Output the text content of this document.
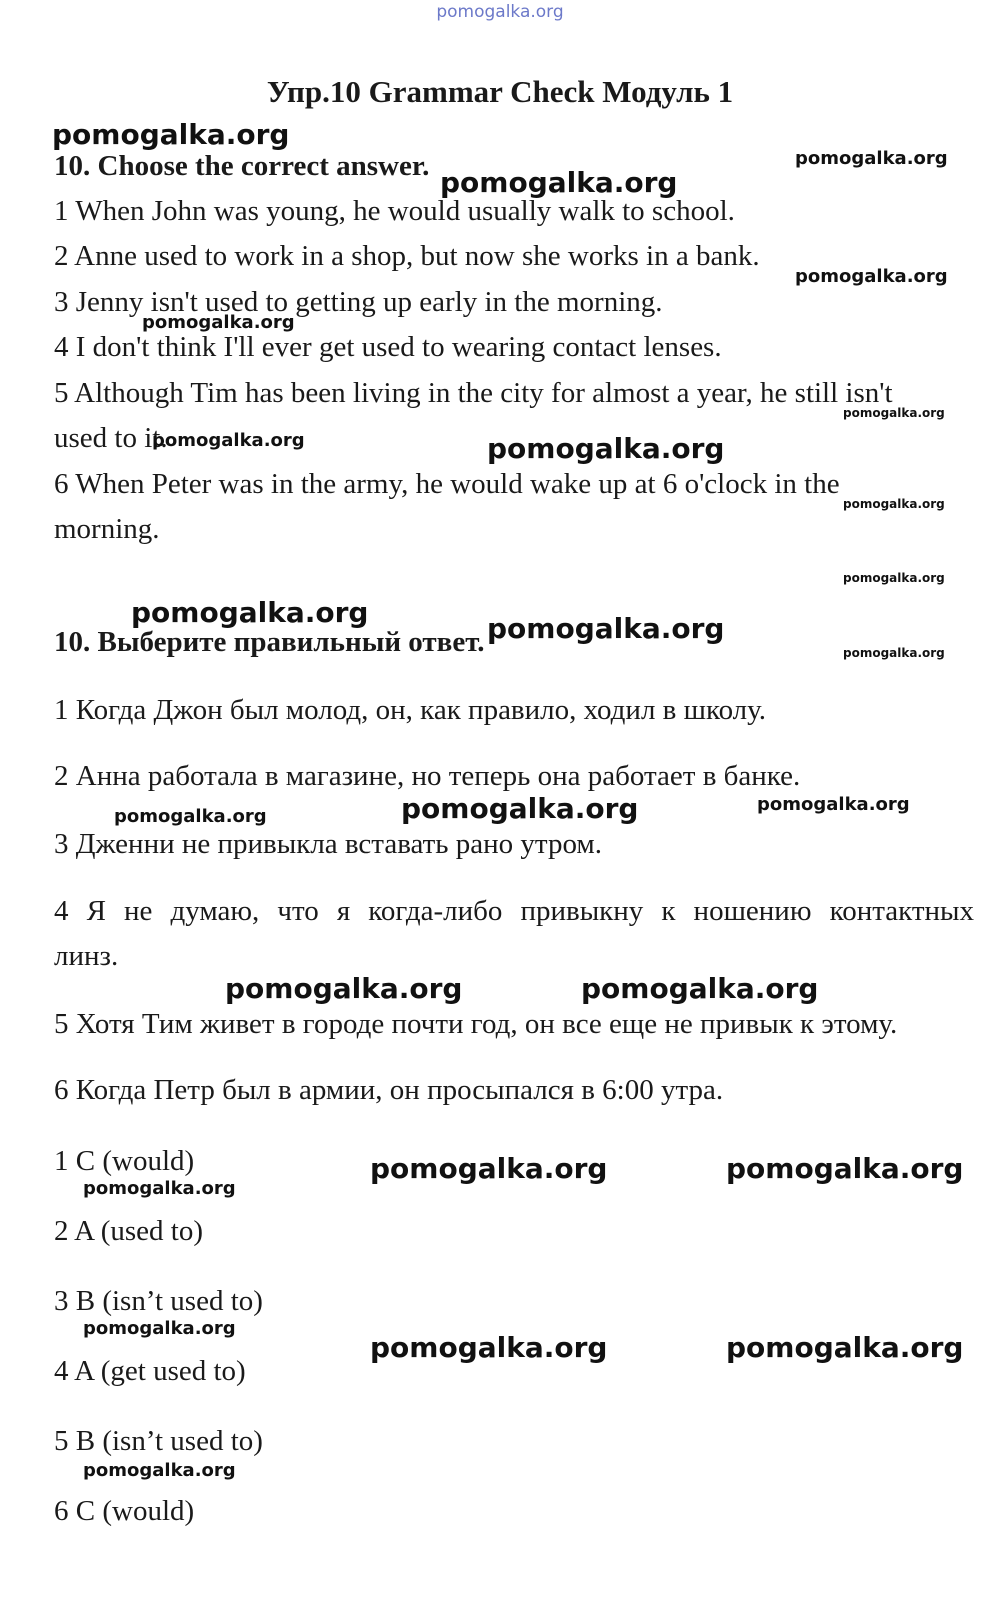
pomogalka.org
Упр.10 Grammar Check Модуль 1
10. Choose the correct answer.
1 When John was young, he would usually walk to school.
2 Anne used to work in a shop, but now she works in a bank.
3 Jenny isn't used to getting up early in the morning.
4 I don't think I'll ever get used to wearing contact lenses.
5 Although Tim has been living in the city for almost a year, he still isn't
used to it.
6 When Peter was in the army, he would wake up at 6 o'clock in the
morning.
10. Выберите правильный ответ.
1 Когда Джон был молод, он, как правило, ходил в школу.
2 Анна работала в магазине, но теперь она работает в банке.
3 Дженни не привыкла вставать рано утром.
4 Я не думаю, что я когда-либо привыкну к ношению контактных
линз.
5 Хотя Тим живет в городе почти год, он все еще не привык к этому.
6 Когда Петр был в армии, он просыпался в 6:00 утра.
1 C (would)
2 A (used to)
3 B (isn’t used to)
4 A (get used to)
5 B (isn’t used to)
6 C (would)
pomogalka.org
pomogalka.org
pomogalka.org
pomogalka.org
pomogalka.org
pomogalka.org
pomogalka.org	pomogalka.org
pomogalka.org
pomogalka.org
pomogalka.org	pomogalka.org
pomogalka.org
pomogalka.org
pomogalka.org
pomogalka.org
pomogalka.org	pomogalka.org
pomogalka.org	pomogalka.org
pomogalka.org
pomogalka.org
pomogalka.org	pomogalka.org
pomogalka.org
